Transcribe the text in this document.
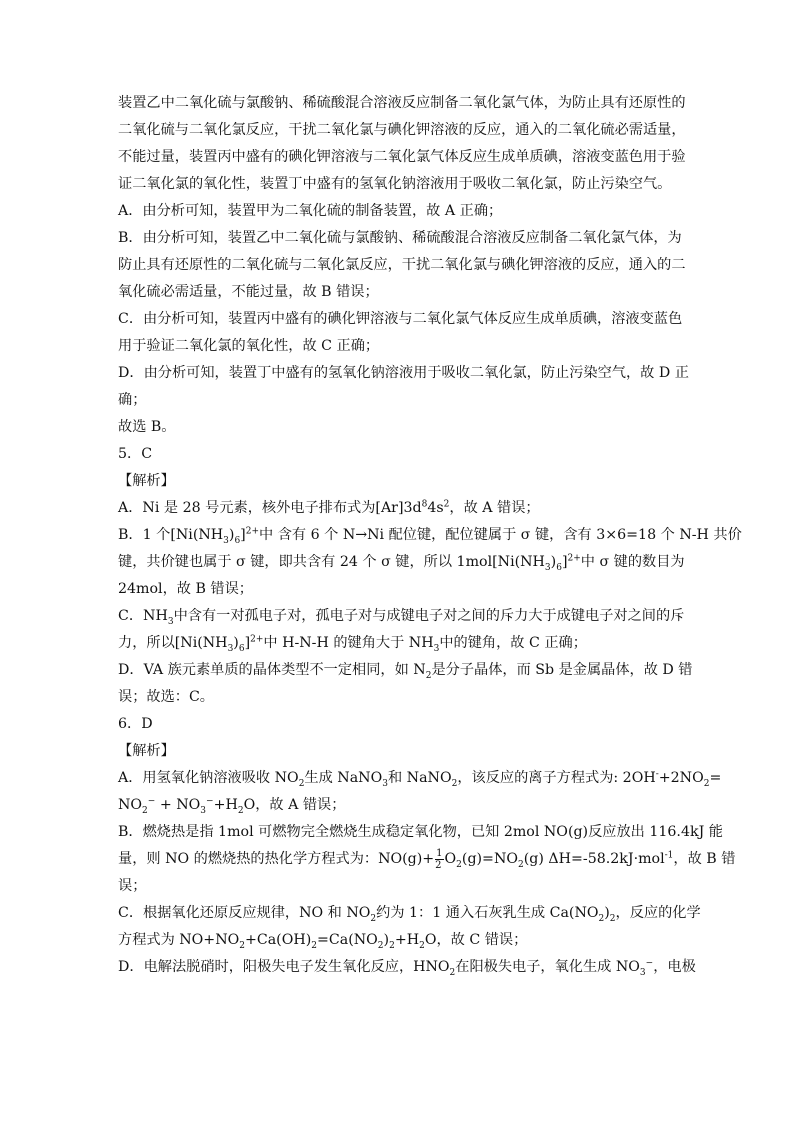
装置乙中二氧化硫与氯酸钠、稀硫酸混合溶液反应制备二氧化氯气体，为防止具有还原性的

二氧化硫与二氧化氯反应，干扰二氧化氯与碘化钾溶液的反应，通入的二氧化硫必需适量，

不能过量，装置丙中盛有的碘化钾溶液与二氧化氯气体反应生成单质碘，溶液变蓝色用于验

证二氧化氯的氧化性，装置丁中盛有的氢氧化钠溶液用于吸收二氧化氯，防止污染空气。

A．由分析可知，装置甲为二氧化硫的制备装置，故 A 正确；

B．由分析可知，装置乙中二氧化硫与氯酸钠、稀硫酸混合溶液反应制备二氧化氯气体，为

防止具有还原性的二氧化硫与二氧化氯反应，干扰二氧化氯与碘化钾溶液的反应，通入的二

氧化硫必需适量，不能过量，故 B 错误；

C．由分析可知，装置丙中盛有的碘化钾溶液与二氧化氯气体反应生成单质碘，溶液变蓝色

用于验证二氧化氯的氧化性，故 C 正确；

D．由分析可知，装置丁中盛有的氢氧化钠溶液用于吸收二氧化氯，防止污染空气，故 D 正

确；

故选 B。

5．C

【解析】

A．Ni 是 28 号元素，核外电子排布式为$[Ar]3d^84s^2$，故 A 错误；

B．1 个$[Ni(NH_3)_6]^{2+}$中 含有 6 个 N→Ni 配位键，配位键属于 σ 键，含有 3×6=18 个 N-H 共价

键，共价键也属于 σ 键，即共含有 24 个 σ 键，所以 $1mol[Ni(NH_3)_6]^{2+}$中 σ 键的数目为

24mol，故 B 错误；

C．$NH_3$中含有一对孤电子对，孤电子对与成键电子对之间的斥力大于成键电子对之间的斥

力，所以$[Ni(NH_3)_6]^{2+}$中 H-N-H 的键角大于 $NH_3$中的键角，故 C 正确；

D．VA 族元素单质的晶体类型不一定相同，如 $N_2$是分子晶体，而 Sb 是金属晶体，故 D 错

误；故选：C。

6．D

【解析】

A．用氢氧化钠溶液吸收 $NO_2$生成 NaNO$_3$和 NaNO$_2$，该反应的离子方程式为: $2OH^-+2NO_2=$

$NO_2^- + NO_3^-+H_2O$，故 A 错误；

B．燃烧热是指 1mol 可燃物完全燃烧生成稳定氧化物，已知 2mol NO(g)反应放出 116.4kJ 能

量，则 NO 的燃烧热的热化学方程式为：$NO(g)+ \frac{1}{2} O_2(g)=NO_2(g)$ ΔH=-58.2kJ·mol$^{-1}$，故 B 错

误；

C．根据氧化还原反应规律，NO 和 $NO_2$约为 1：1 通入石灰乳生成 $Ca(NO_2)_2$，反应的化学

方程式为 $NO+NO_2+Ca(OH)_2=Ca(NO_2)_2+H_2O$，故 C 错误；

D．电解法脱硝时，阳极失电子发生氧化反应，$HNO_2$在阳极失电子，氧化生成 $NO_3^-$，电极
